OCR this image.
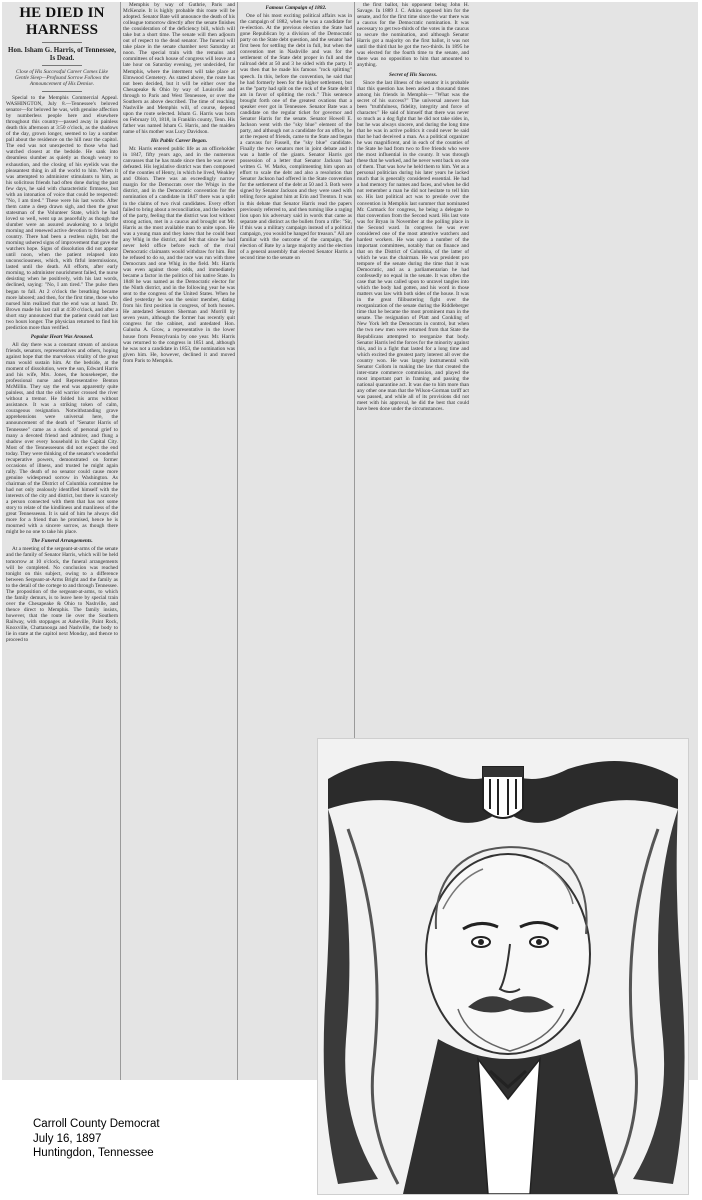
HE DIED IN HARNESS
Hon. Isham G. Harris, of Tennessee, Is Dead.
Close of His Successful Career Comes Like Gentle Sleep—Profound Sorrow Follows the Announcement of His Demise.

Special to the Memphis Commercial Appeal. WASHINGTON, July 8.—Tennessee's beloved senator—for beloved he was, with genuine affection by numberless people here and elsewhere throughout this country—passed away in painless death this afternoon at 3:50 o'clock, as the shadows of the day, grown longer, seemed to lay a somber pall about the residence on the hill near the capitol. The end was not unexpected to those who had watched closest at the bedside. He sank into dreamless slumber as quietly as though weary to exhaustion, and the closing of his eyelids was the pleasantest thing in all the world to him. When it was attempted to administer stimulants to him, as his solicitous friends had often done during the past few days, he said with characteristic firmness, but with an intonation of voice that could be respected: "No, I am tired." These were his last words. After them came a deep drawn sigh, and then the great statesman of the Volunteer State, which he had loved so well, went up as peacefully as though the slumber were an assured awakening to a bright morning and renewed active devotion to friends and country. There had been a restless night, but the morning ushered signs of improvement that gave the watchers hope. Signs of dissolution did not appear until noon, when the patient relapsed into unconsciousness, which, with fitful intermissions, lasted until the death. All efforts, after early morning, to administer nourishment failed, the nurse desisting when he positively, with his last words, declined, saying: "No, I am tired." The pulse then began to fall. At 2 o'clock the breathing became more labored; and then, for the first time, those who nursed him realized that the end was at hand. Dr. Brown made his last call at 4:30 o'clock, and after a short stay announced that the patient could not last two hours longer. The physician returned to find his prediction more than verified.

Popular Heart Was Aroused.

All day there was a constant stream of anxious friends, senators, representatives and others, hoping against hope that the marvelous vitality of the great man would sustain him. At the bedside, at the moment of dissolution, were the son, Edward Harris and his wife, Mrs. Jones, the housekeeper, the professional nurse and Representative Benton McMillin. They say the end was apparently quite painless, and that the old warrior crossed the river without a tremor. He folded his arms without assistance. It was a striking token of calm, courageous resignation. Notwithstanding grave apprehensions were universal here, the announcement of the death of "Senator Harris of Tennessee" came as a shock of personal grief to many a devoted friend and admirer, and flung a shadow over every household in the Capital City. Most of the Tennesseeans did not expect the end today. They were thinking of the senator's wonderful recuperative powers, demonstrated on former occasions of illness, and trusted he might again rally. The death of no senator could cause more genuine widespread sorrow in Washington. As chairman of the District of Columbia committee he had not only zealously identified himself with the interests of the city and district, but there is scarcely a person connected with them that has not some story to relate of the kindliness and manliness of the great Tennesseean. It is said of him he always did more for a friend than he promised, hence he is mourned with a sincere sorrow, as though there might be no one to take his place.

The Funeral Arrangements.

At a meeting of the sergeant-at-arms of the senate and the family of Senator Harris, which will be held tomorrow at 10 o'clock, the funeral arrangements will be completed. No conclusion was reached tonight on this subject, owing to a difference between Sergeant-at-Arms Bright and the family as to the detail of the cortege to and through Tennessee. The proposition of the sergeant-at-arms, to which the family demurs, is to leave here by special train over the Chesapeake & Ohio to Nashville, and thence direct to Memphis. The family insists, however, that the route lie over the Southern Railway, with stoppages at Asheville, Paint Rock, Knoxville, Chattanooga and Nashville, the body to lie in state at the capitol next Monday, and thence to proceed to

Memphis by way of Guthrie, Paris and McKenzie. It is highly probable this route will be adopted. Senator Bate will announce the death of his colleague tomorrow directly after the senate finishes the consideration of the deficiency bill, which will take but a short time. The senate will then adjourn out of respect to the dead senator. The funeral will take place in the senate chamber next Saturday at noon. The special train with the remains and committees of each house of congress will leave at a late hour on Saturday evening, yet undecided, for Memphis, where the interment will take place at Elmwood Cemetery. As stated above, the route has not been decided, but it will be either over the Chesapeake & Ohio by way of Louisville and through to Paris and West Tennessee, or over the Southern as above described. The time of reaching Nashville and Memphis will, of course, depend upon the route selected. Isham G. Harris was born on February 10, 1818, in Franklin county, Tenn. His father was named Isham G. Harris, and the maiden name of his mother was Lucy Davidson.

His Public Career Began.

Mr. Harris entered public life as an officeholder in 1847, fifty years ago, and in the numerous canvasses that he has made since then he was never defeated. His legislative district was then composed of the counties of Henry, in which he lived, Weakley and Obion. There was an exceedingly narrow margin for the Democrats over the Whigs in the district, and in the Democratic convention for the nomination of a candidate in 1847 there was a split in the claims of two rival candidates. Every effort failed to bring about a reconciliation, and the leaders of the party, feeling that the district was lost without strong action, met in a caucus and brought out Mr. Harris as the most available man to unite upon. He was a young man and they knew that he could beat any Whig in the district, and felt that since he had never held office before each of the rival Democratic claimants would withdraw for him. But he refused to do so, and the race was run with three Democrats and one Whig in the field. Mr. Harris was even against those odds, and immediately became a factor in the politics of his native State. In 1848 he was named as the Democratic elector for the Ninth district, and in the following year he was sent to the congress of the United States. When he died yesterday he was the senior member, dating from his first position in congress, of both houses. He antedated Senators Sherman and Morrill by seven years, although the former has recently quit congress for the cabinet, and antedated Hon. Galusha A. Grow, a representative in the lower house from Pennsylvania by one year. Mr. Harris was returned to the congress in 1851 and, although he was not a candidate in 1853, the nomination was given him. He, however, declined it and moved from Paris to Memphis.

Famous Campaign of 1882.

One of his most exciting political affairs was in the campaign of 1882, when he was a candidate for re-election. At the previous election the State had gone Republican by a division of the Democratic party on the State debt question, and the senator had first been for settling the debt in full, but when the convention met in Nashville and was for the settlement of the State debt proper in full and the railroad debt at 50 and 3 he sided with the party. It was then that he made his famous "rock splitting" speech. In this, before the convention, he said that he had formerly been for the higher settlement, but as the "party had split on the rock of the State debt I am in favor of splitting the rock." This sentence brought forth one of the greatest ovations that a speaker ever got in Tennessee. Senator Bate was a candidate on the regular ticket for governor and Senator Harris for the senate. Senator Howell E. Jackson went with the "sky blue" element of the party, and although not a candidate for an office, he at the request of friends, came to the State and began a canvass for Fussell, the "sky blue" candidate. Finally the two senators met in joint debate and it was a battle of the giants. Senator Harris got possession of a letter that Senator Jackson had written G. W. Marks, complimenting him upon an effort to scale the debt and also a resolution that Senator Jackson had offered in the State convention for the settlement of the debt at 50 and 3. Both were signed by Senator Jackson and they were used with telling force against him at Erin and Trenton. It was in this debate that Senator Harris read the papers previously referred to, and then turning like a raging lion upon his adversary said in words that came as separate and distinct as the bullets from a rifle: "Sir, if this was a military campaign instead of a political campaign, you would be hanged for treason." All are familiar with the outcome of the campaign, the election of Bate by a large majority and the election of a general assembly that elected Senator Harris a second time to the senate on

the first ballot, his opponent being John H. Savage. In 1889 J. C. Atkins opposed him for the senate, and for the first time since the war there was a caucus for the Democratic nomination. It was necessary to get two-thirds of the votes in the caucus to secure the nomination, and although Senator Harris got a majority on the first ballot, it was not until the third that he got the two-thirds. In 1895 he was elected for the fourth time to the senate, and there was no opposition to him that amounted to anything.

Secret of His Success.

Since the last illness of the senator it is probable that this question has been asked a thousand times among his friends in Memphis— "What was the secret of his success?" The universal answer has been "truthfulness, fidelity, integrity and force of character." He said of himself that there was never so much as a dog fight that he did not take sides in, but he was always sincere, and during the long time that he was in active politics it could never be said that he had deceived a man. As a political organizer he was magnificent, and in each of the counties of the State he had from two to five friends who were the most influential in the county. It was through these that he worked, and he never went back on one of them. That was how he held them to him. Yet as a personal politician during his later years he lacked much that is generally considered essential. He had a bad memory for names and faces, and when he did not remember a man he did not hesitate to tell him so. His last political act was to preside over the convention in Memphis last summer that nominated Mr. Carmack for congress, he being a delegate to that convention from the Second ward. His last vote was for Bryan in November at the polling place in the Second ward. In congress he was ever considered one of the most attentive watchers and hardest workers. He was upon a number of the important committees, notably that on finance and that on the District of Columbia, of the latter of which he was the chairman. He was president pro tempore of the senate during the time that it was Democratic, and as a parliamentarian he had confessedly no equal in the senate. It was often the case that he was called upon to unravel tangles into which the body had gotten, and his word in those matters was law with both sides of the house. It was in the great filibustering fight over the reorganization of the senate during the Riddleberger time that he became the most prominent man in the senate. The resignation of Platt and Conkling of New York left the Democrats in control, but when the two new men were returned from that State the Republicans attempted to reorganize that body. Senator Harris led the forces for the minority against this, and in a fight that lasted for a long time and which excited the greatest party interest all over the country won. He was largely instrumental with Senator Collom in making the law that created the inter-state commerce commission, and played the most important part in framing and passing the national quarantine act. It was due to him more than any other one man that the Wilson-Gorman tariff act was passed, and while all of its provisions did not meet with his approval, he did the best that could have been done under the circumstances.

Carroll County Democrat
July 16, 1897
Huntingdon, Tennessee
